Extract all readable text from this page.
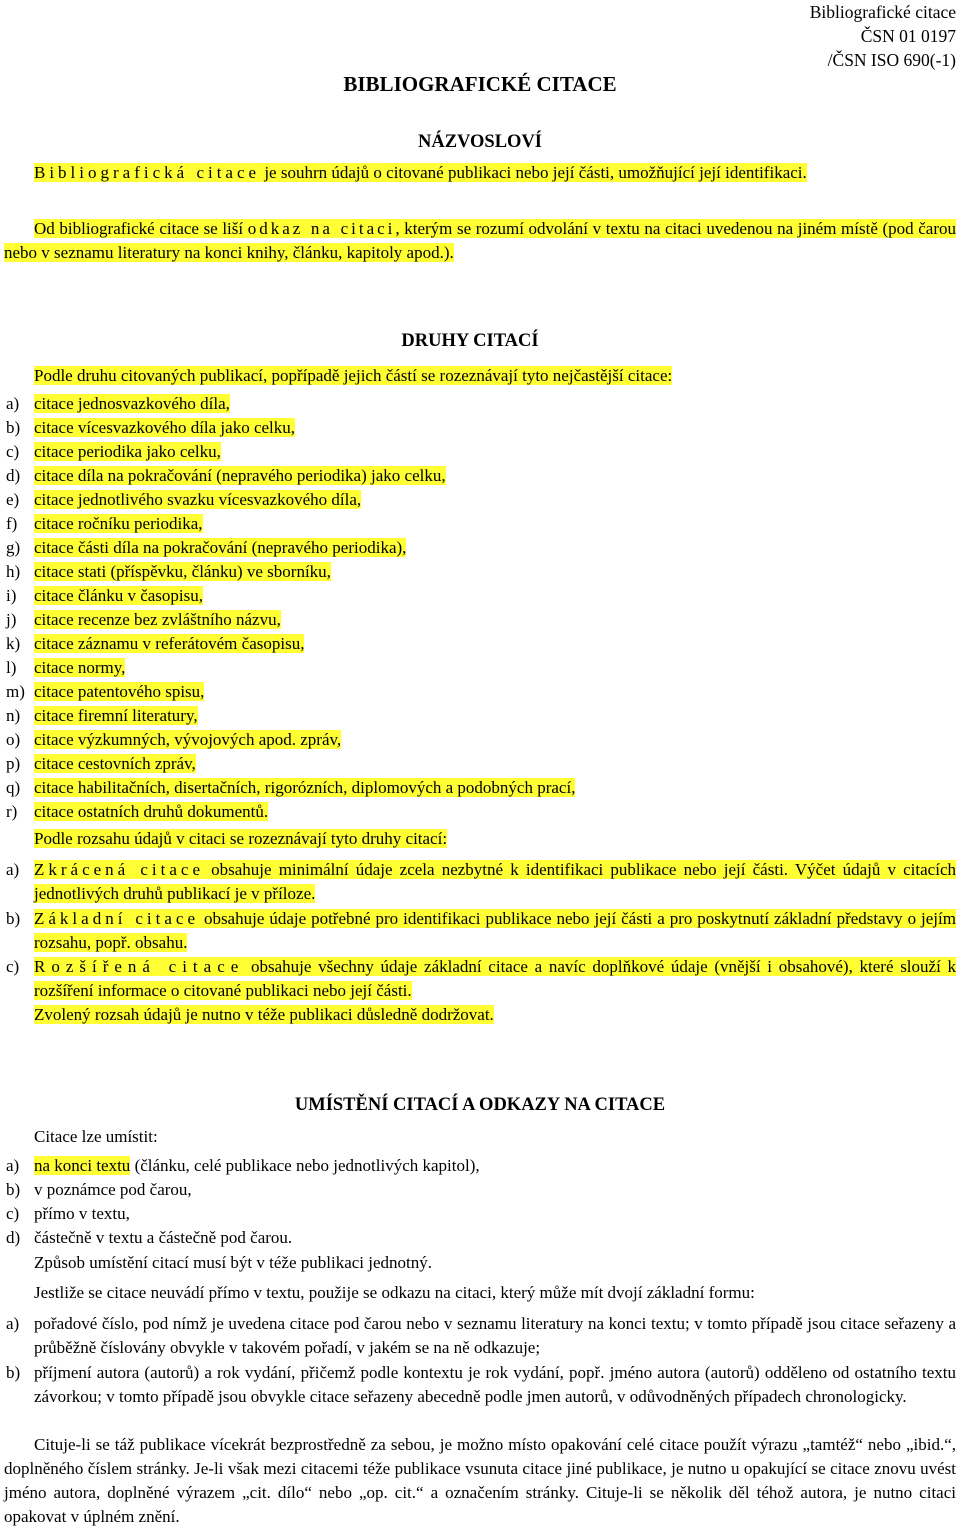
Bibliografické citace
ČSN 01 0197
/ČSN ISO 690(-1)
BIBLIOGRAFICKÉ CITACE
NÁZVOSLOVÍ
Bibliografická citace je souhrn údajů o citované publikaci nebo její části, umožňující její identifikaci.
Od bibliografické citace se liší odkaz na citaci, kterým se rozumí odvolání v textu na citaci uvedenou na jiném místě (pod čarou nebo v seznamu literatury na konci knihy, článku, kapitoly apod.).
DRUHY CITACÍ
Podle druhu citovaných publikací, popřípadě jejich částí se rozeznávají tyto nejčastější citace:
a) citace jednosvazkového díla,
b) citace vícesvazkového díla jako celku,
c) citace periodika jako celku,
d) citace díla na pokračování (nepravého periodika) jako celku,
e) citace jednotlivého svazku vícesvazkového díla,
f) citace ročníku periodika,
g) citace části díla na pokračování (nepravého periodika),
h) citace stati (příspěvku, článku) ve sborníku,
i) citace článku v časopisu,
j) citace recenze bez zvláštního názvu,
k) citace záznamu v referátovém časopisu,
l) citace normy,
m) citace patentového spisu,
n) citace firemní literatury,
o) citace výzkumných, vývojových apod. zpráv,
p) citace cestovních zpráv,
q) citace habilitačních, disertačních, rigorózních, diplomových a podobných prací,
r) citace ostatních druhů dokumentů.
Podle rozsahu údajů v citaci se rozeznávají tyto druhy citací:
a) Zkrácená citace obsahuje minimální údaje zcela nezbytné k identifikaci publikace nebo její části. Výčet údajů v citacích jednotlivých druhů publikací je v příloze.
b) Základní citace obsahuje údaje potřebné pro identifikaci publikace nebo její části a pro poskytnutí základní představy o jejím rozsahu, popř. obsahu.
c) Rozšířená citace obsahuje všechny údaje základní citace a navíc doplňkové údaje (vnější i obsahové), které slouží k rozšíření informace o citované publikaci nebo její části.
Zvolený rozsah údajů je nutno v téže publikaci důsledně dodržovat.
UMÍSTĚNÍ CITACÍ A ODKAZY NA CITACE
Citace lze umístit:
a) na konci textu (článku, celé publikace nebo jednotlivých kapitol),
b) v poznámce pod čarou,
c) přímo v textu,
d) částečně v textu a částečně pod čarou.
Způsob umístění citací musí být v téže publikaci jednotný.
Jestliže se citace neuvádí přímo v textu, použije se odkazu na citaci, který může mít dvojí základní formu:
a) pořadové číslo, pod nímž je uvedena citace pod čarou nebo v seznamu literatury na konci textu; v tomto případě jsou citace seřazeny a průběžně číslovány obvykle v takovém pořadí, v jakém se na ně odkazuje;
b) příjmení autora (autorů) a rok vydání, přičemž podle kontextu je rok vydání, popř. jméno autora (autorů) odděleno od ostatního textu závorkou; v tomto případě jsou obvykle citace seřazeny abecedně podle jmen autorů, v odůvodněných případech chronologicky.
Cituje-li se táž publikace vícekrát bezprostředně za sebou, je možno místo opakování celé citace použít výrazu „tamtéž“ nebo „ibid.“, doplněného číslem stránky. Je-li však mezi citacemi téže publikace vsunuta citace jiné publikace, je nutno u opakující se citace znovu uvést jméno autora, doplněné výrazem „cit. dílo“ nebo „op. cit.“ a označením stránky. Cituje-li se několik děl téhož autora, je nutno citaci opakovat v úplném znění.
